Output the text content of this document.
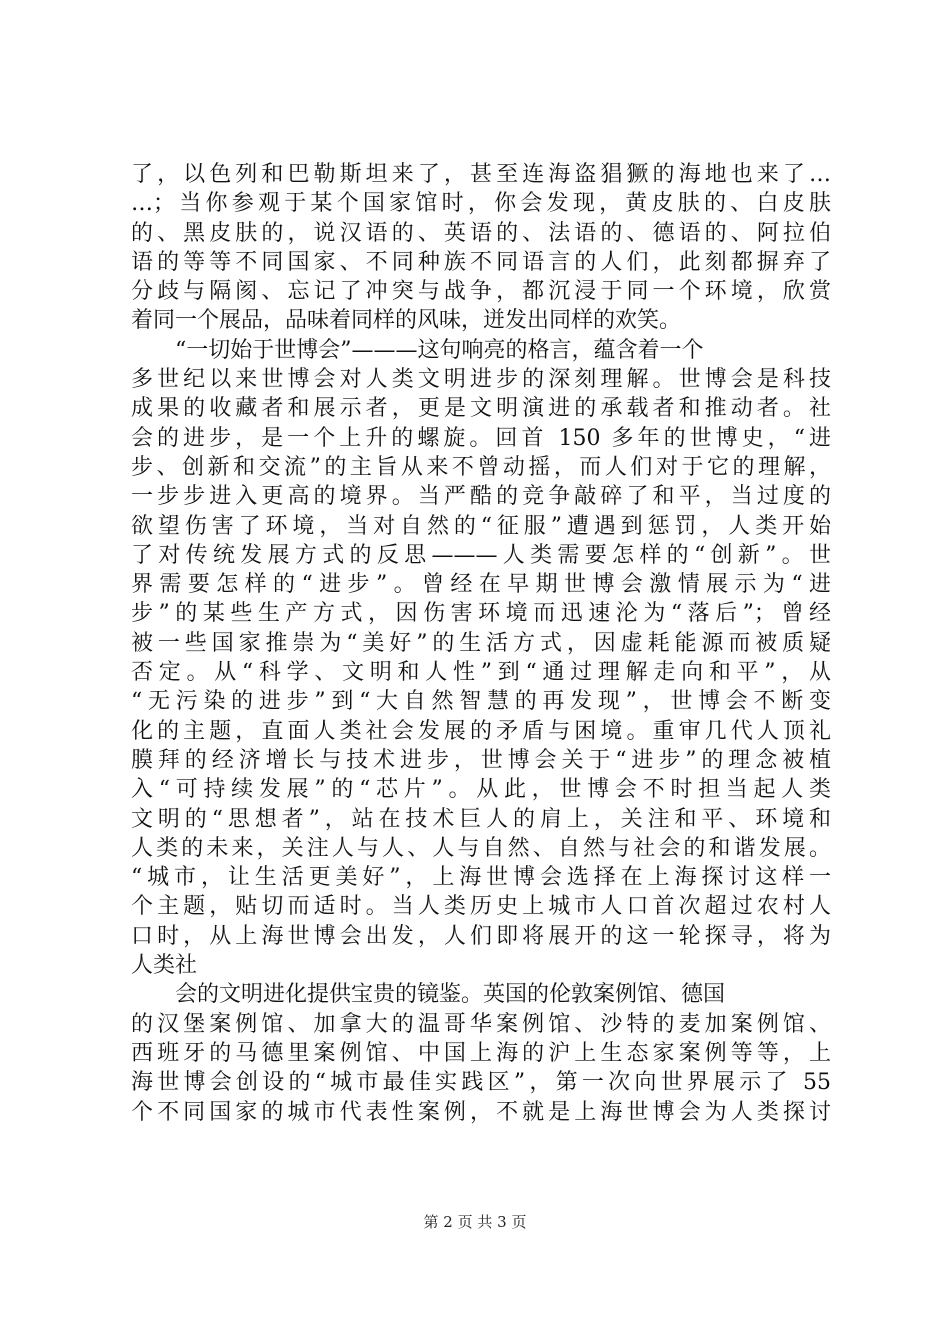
了，以色列和巴勒斯坦来了，甚至连海盗猖獗的海地也来了…
…；当你参观于某个国家馆时，你会发现，黄皮肤的、白皮肤
的、黑皮肤的，说汉语的、英语的、法语的、德语的、阿拉伯
语的等等不同国家、不同种族不同语言的人们，此刻都摒弃了
分歧与隔阂、忘记了冲突与战争，都沉浸于同一个环境，欣赏
着同一个展品，品味着同样的风味，迸发出同样的欢笑。
“一切始于世博会”———这句响亮的格言，蕴含着一个
多世纪以来世博会对人类文明进步的深刻理解。世博会是科技
成果的收藏者和展示者，更是文明演进的承载者和推动者。社
会的进步，是一个上升的螺旋。回首 150 多年的世博史，“进
步、创新和交流”的主旨从来不曾动摇，而人们对于它的理解，
一步步进入更高的境界。当严酷的竞争敲碎了和平，当过度的
欲望伤害了环境，当对自然的“征服”遭遇到惩罚，人类开始
了对传统发展方式的反思———人类需要怎样的“创新”。世
界需要怎样的“进步”。曾经在早期世博会激情展示为“进
步”的某些生产方式，因伤害环境而迅速沦为“落后”；曾经
被一些国家推崇为“美好”的生活方式，因虚耗能源而被质疑
否定。从“科学、文明和人性”到“通过理解走向和平”，从
“无污染的进步”到“大自然智慧的再发现”，世博会不断变
化的主题，直面人类社会发展的矛盾与困境。重审几代人顶礼
膜拜的经济增长与技术进步，世博会关于“进步”的理念被植
入“可持续发展”的“芯片”。从此，世博会不时担当起人类
文明的“思想者”，站在技术巨人的肩上，关注和平、环境和
人类的未来，关注人与人、人与自然、自然与社会的和谐发展。
“城市，让生活更美好”，上海世博会选择在上海探讨这样一
个主题，贴切而适时。当人类历史上城市人口首次超过农村人
口时，从上海世博会出发，人们即将展开的这一轮探寻，将为
人类社
会的文明进化提供宝贵的镜鉴。英国的伦敦案例馆、德国
的汉堡案例馆、加拿大的温哥华案例馆、沙特的麦加案例馆、
西班牙的马德里案例馆、中国上海的沪上生态家案例等等，上
海世博会创设的“城市最佳实践区”，第一次向世界展示了 55
个不同国家的城市代表性案例，不就是上海世博会为人类探讨
第 2 页 共 3 页
